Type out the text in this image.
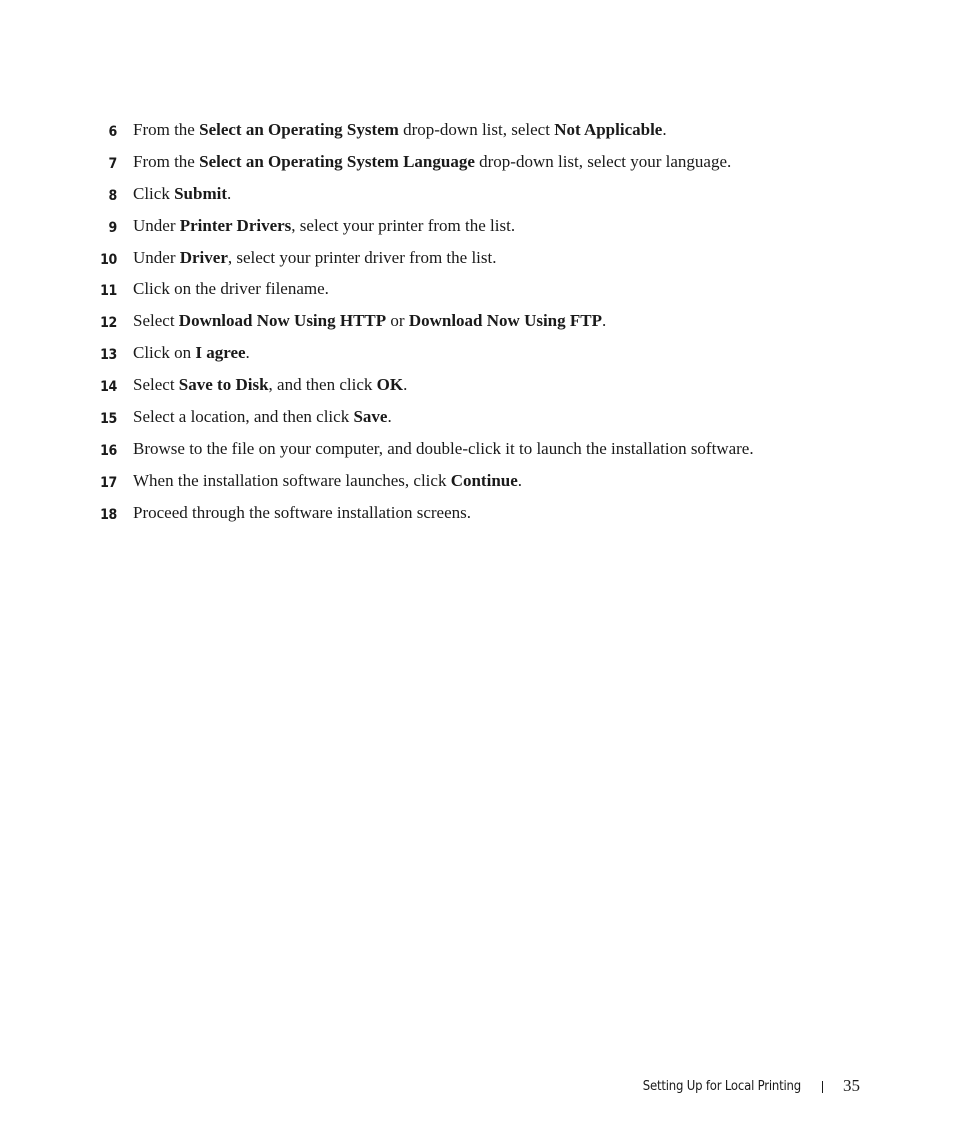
6 From the Select an Operating System drop-down list, select Not Applicable.
7 From the Select an Operating System Language drop-down list, select your language.
8 Click Submit.
9 Under Printer Drivers, select your printer from the list.
10 Under Driver, select your printer driver from the list.
11 Click on the driver filename.
12 Select Download Now Using HTTP or Download Now Using FTP.
13 Click on I agree.
14 Select Save to Disk, and then click OK.
15 Select a location, and then click Save.
16 Browse to the file on your computer, and double-click it to launch the installation software.
17 When the installation software launches, click Continue.
18 Proceed through the software installation screens.
Setting Up for Local Printing 35
